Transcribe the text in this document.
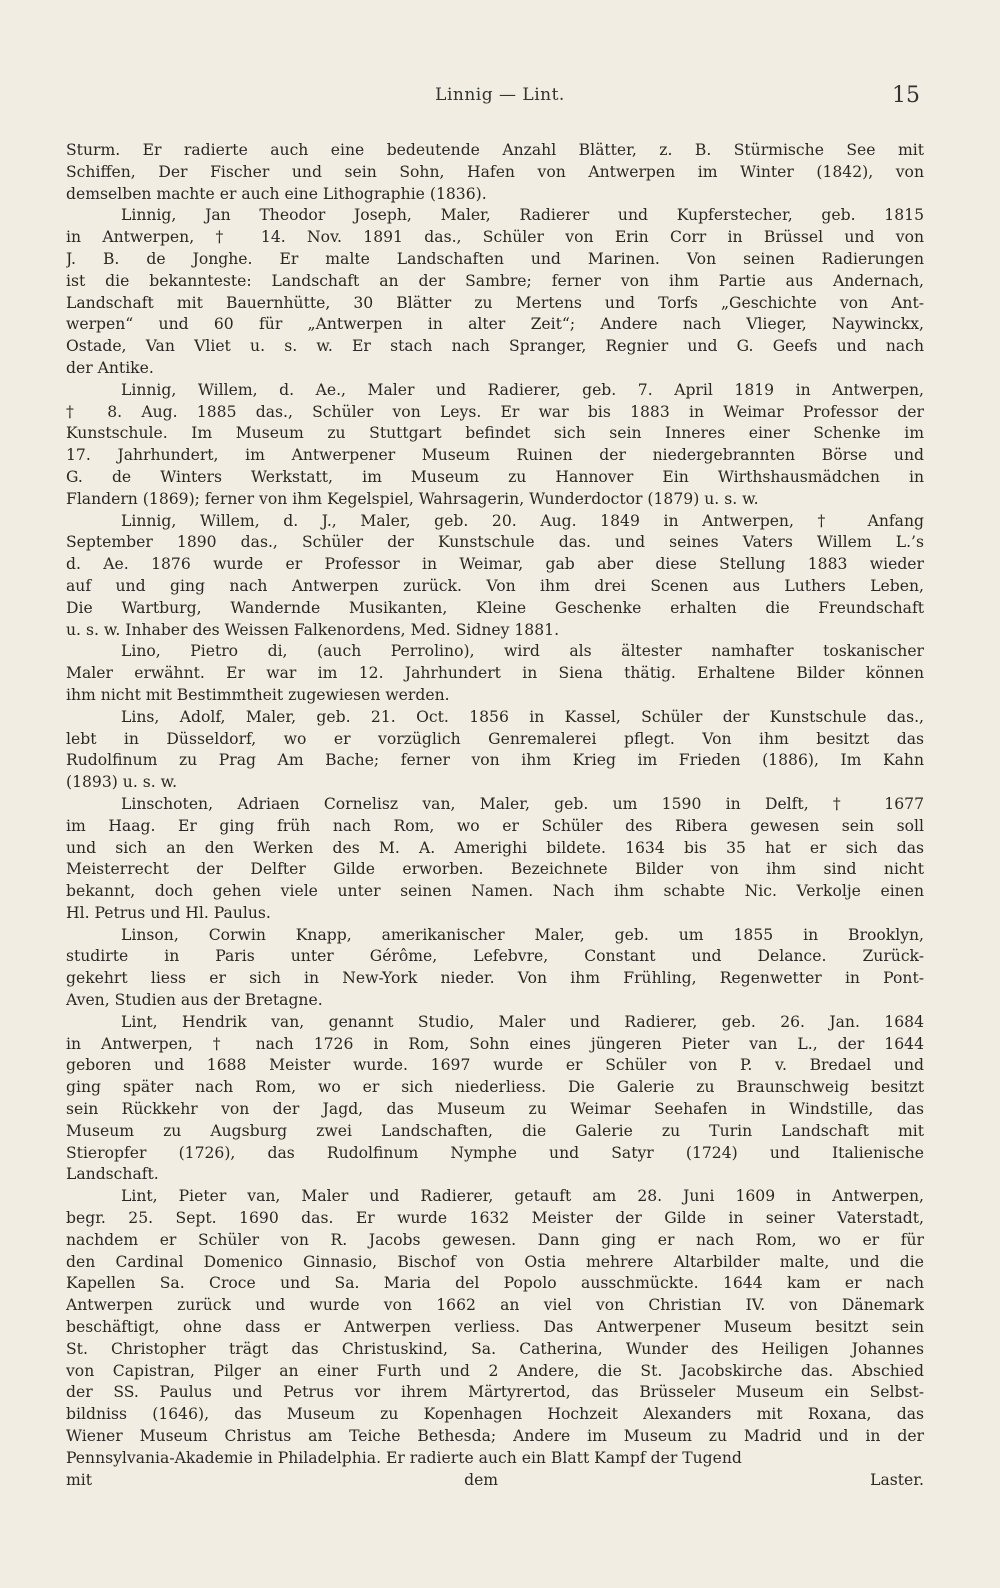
Linnig — Lint.	15
Sturm. Er radierte auch eine bedeutende Anzahl Blätter, z. B. Stürmische See mit
Schiffen, Der Fischer und sein Sohn, Hafen von Antwerpen im Winter (1842), von
demselben machte er auch eine Lithographie (1836).
Linnig, Jan Theodor Joseph, Maler, Radierer und Kupferstecher, geb. 1815
in Antwerpen, † 14. Nov. 1891 das., Schüler von Erin Corr in Brüssel und von
J. B. de Jonghe. Er malte Landschaften und Marinen. Von seinen Radierungen
ist die bekannteste: Landschaft an der Sambre; ferner von ihm Partie aus Andernach,
Landschaft mit Bauernhütte, 30 Blätter zu Mertens und Torfs „Geschichte von Ant-
werpen“ und 60 für „Antwerpen in alter Zeit“; Andere nach Vlieger, Naywinckx,
Ostade, Van Vliet u. s. w. Er stach nach Spranger, Regnier und G. Geefs und nach
der Antike.
Linnig, Willem, d. Ae., Maler und Radierer, geb. 7. April 1819 in Antwerpen,
† 8. Aug. 1885 das., Schüler von Leys. Er war bis 1883 in Weimar Professor der
Kunstschule. Im Museum zu Stuttgart befindet sich sein Inneres einer Schenke im
17. Jahrhundert, im Antwerpener Museum Ruinen der niedergebrannten Börse und
G. de Winters Werkstatt, im Museum zu Hannover Ein Wirthshausmädchen in
Flandern (1869); ferner von ihm Kegelspiel, Wahrsagerin, Wunderdoctor (1879) u. s. w.
Linnig, Willem, d. J., Maler, geb. 20. Aug. 1849 in Antwerpen, † Anfang
September 1890 das., Schüler der Kunstschule das. und seines Vaters Willem L.’s
d. Ae. 1876 wurde er Professor in Weimar, gab aber diese Stellung 1883 wieder
auf und ging nach Antwerpen zurück. Von ihm drei Scenen aus Luthers Leben,
Die Wartburg, Wandernde Musikanten, Kleine Geschenke erhalten die Freundschaft
u. s. w. Inhaber des Weissen Falkenordens, Med. Sidney 1881.
Lino, Pietro di, (auch Perrolino), wird als ältester namhafter toskanischer
Maler erwähnt. Er war im 12. Jahrhundert in Siena thätig. Erhaltene Bilder können
ihm nicht mit Bestimmtheit zugewiesen werden.
Lins, Adolf, Maler, geb. 21. Oct. 1856 in Kassel, Schüler der Kunstschule das.,
lebt in Düsseldorf, wo er vorzüglich Genremalerei pflegt. Von ihm besitzt das
Rudolfinum zu Prag Am Bache; ferner von ihm Krieg im Frieden (1886), Im Kahn
(1893) u. s. w.
Linschoten, Adriaen Cornelisz van, Maler, geb. um 1590 in Delft, † 1677
im Haag. Er ging früh nach Rom, wo er Schüler des Ribera gewesen sein soll
und sich an den Werken des M. A. Amerighi bildete. 1634 bis 35 hat er sich das
Meisterrecht der Delfter Gilde erworben. Bezeichnete Bilder von ihm sind nicht
bekannt, doch gehen viele unter seinen Namen. Nach ihm schabte Nic. Verkolje einen
Hl. Petrus und Hl. Paulus.
Linson, Corwin Knapp, amerikanischer Maler, geb. um 1855 in Brooklyn,
studirte in Paris unter Gérôme, Lefebvre, Constant und Delance. Zurück-
gekehrt liess er sich in New-York nieder. Von ihm Frühling, Regenwetter in Pont-
Aven, Studien aus der Bretagne.
Lint, Hendrik van, genannt Studio, Maler und Radierer, geb. 26. Jan. 1684
in Antwerpen, † nach 1726 in Rom, Sohn eines jüngeren Pieter van L., der 1644
geboren und 1688 Meister wurde. 1697 wurde er Schüler von P. v. Bredael und
ging später nach Rom, wo er sich niederliess. Die Galerie zu Braunschweig besitzt
sein Rückkehr von der Jagd, das Museum zu Weimar Seehafen in Windstille, das
Museum zu Augsburg zwei Landschaften, die Galerie zu Turin Landschaft mit
Stieropfer (1726), das Rudolfinum Nymphe und Satyr (1724) und Italienische
Landschaft.
Lint, Pieter van, Maler und Radierer, getauft am 28. Juni 1609 in Antwerpen,
begr. 25. Sept. 1690 das. Er wurde 1632 Meister der Gilde in seiner Vaterstadt,
nachdem er Schüler von R. Jacobs gewesen. Dann ging er nach Rom, wo er für
den Cardinal Domenico Ginnasio, Bischof von Ostia mehrere Altarbilder malte, und die
Kapellen Sa. Croce und Sa. Maria del Popolo ausschmückte. 1644 kam er nach
Antwerpen zurück und wurde von 1662 an viel von Christian IV. von Dänemark
beschäftigt, ohne dass er Antwerpen verliess. Das Antwerpener Museum besitzt sein
St. Christopher trägt das Christuskind, Sa. Catherina, Wunder des Heiligen Johannes
von Capistran, Pilger an einer Furth und 2 Andere, die St. Jacobskirche das. Abschied
der SS. Paulus und Petrus vor ihrem Märtyrertod, das Brüsseler Museum ein Selbst-
bildniss (1646), das Museum zu Kopenhagen Hochzeit Alexanders mit Roxana, das
Wiener Museum Christus am Teiche Bethesda; Andere im Museum zu Madrid und in der
Pennsylvania-Akademie in Philadelphia. Er radierte auch ein Blatt Kampf der Tugend
mit dem Laster.
